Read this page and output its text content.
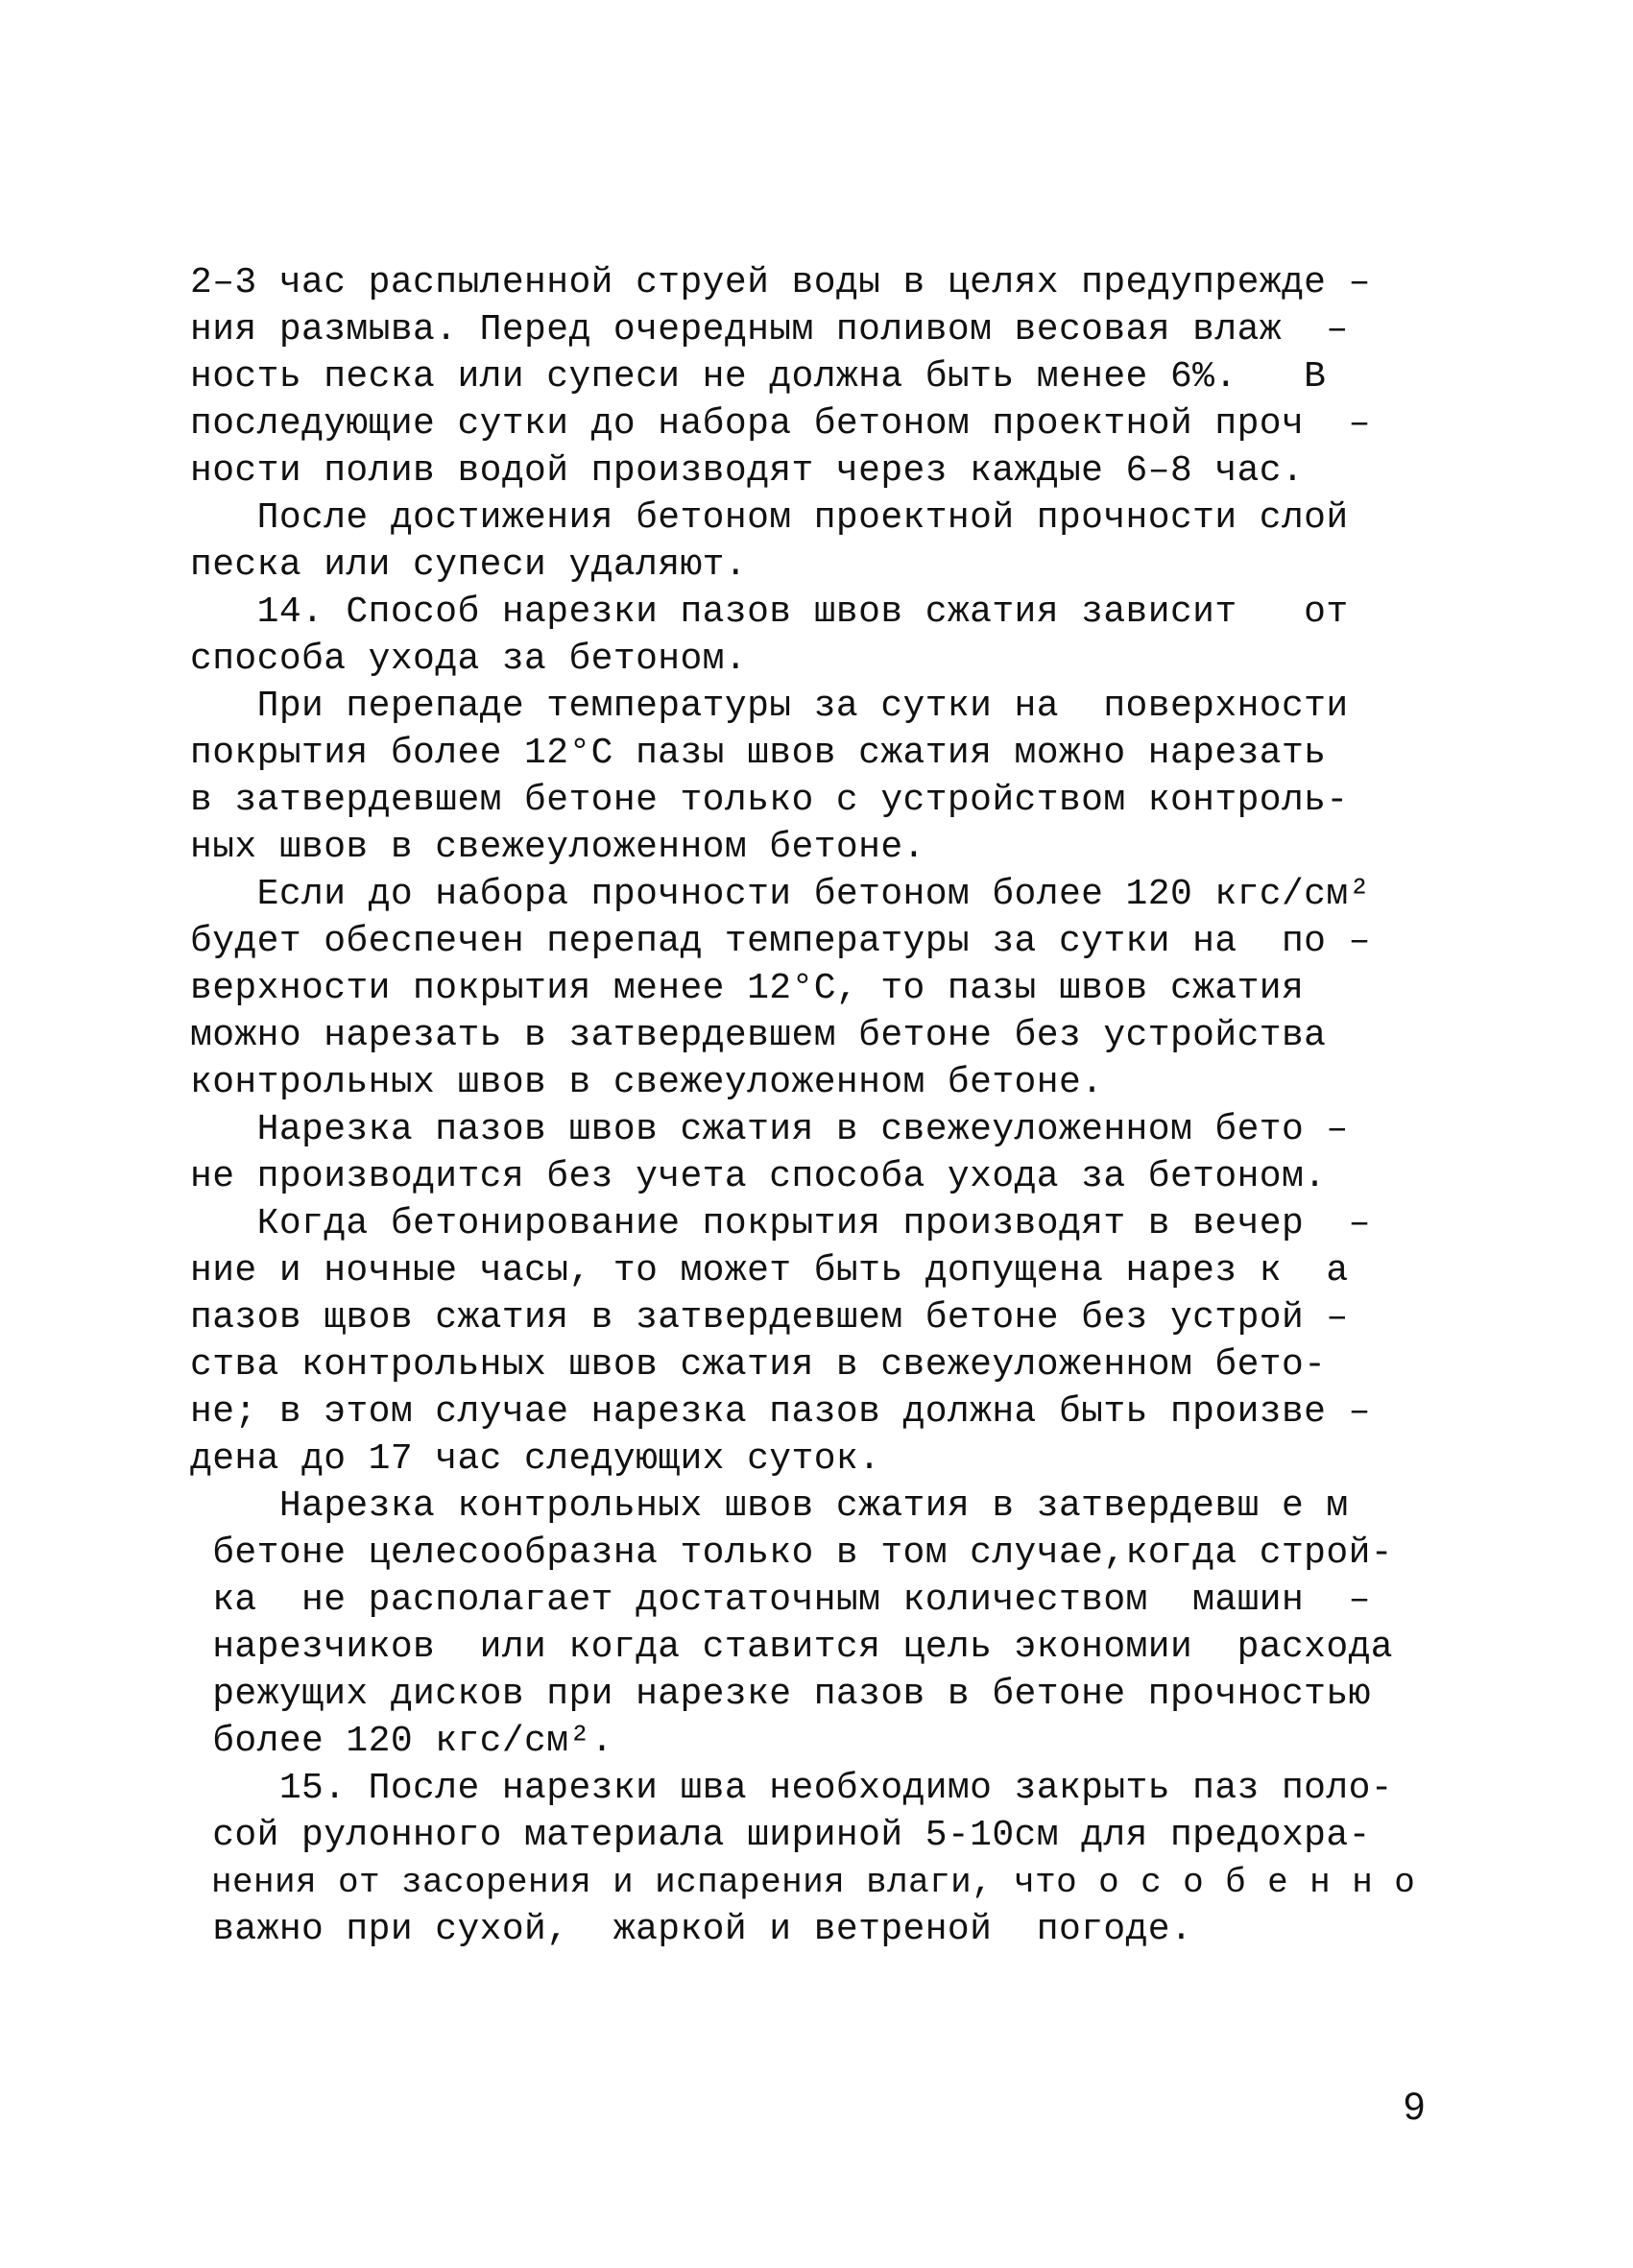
2–3 час распыленной струей воды в целях предупрежде –
ния размыва. Перед очередным поливом весовая влаж  –
ность песка или супеси не должна быть менее 6%.   В
последующие сутки до набора бетоном проектной проч  –
ности полив водой производят через каждые 6–8 час.
После достижения бетоном проектной прочности слой
песка или супеси удаляют.
14. Способ нарезки пазов швов сжатия зависит   от
способа ухода за бетоном.
При перепаде температуры за сутки на  поверхности
покрытия более 12°С пазы швов сжатия можно нарезать
в затвердевшем бетоне только с устройством контроль-
ных швов в свежеуложенном бетоне.
Если до набора прочности бетоном более 120 кгс/см²
будет обеспечен перепад температуры за сутки на  по –
верхности покрытия менее 12°С, то пазы швов сжатия
можно нарезать в затвердевшем бетоне без устройства
контрольных швов в свежеуложенном бетоне.
Нарезка пазов швов сжатия в свежеуложенном бето –
не производится без учета способа ухода за бетоном.
Когда бетонирование покрытия производят в вечер  –
ние и ночные часы, то может быть допущена нарез к  а
пазов щвов сжатия в затвердевшем бетоне без устрой –
ства контрольных швов сжатия в свежеуложенном бето-
не; в этом случае нарезка пазов должна быть произве –
дена до 17 час следующих суток.
Нарезка контрольных швов сжатия в затвердевш е м
бетоне целесообразна только в том случае,когда строй-
ка  не располагает достаточным количеством  машин  –
нарезчиков  или когда ставится цель экономии  расхода
режущих дисков при нарезке пазов в бетоне прочностью
более 120 кгс/см².
15. После нарезки шва необходимо закрыть паз поло-
сой рулонного материала шириной 5-10см для предохра-
нения от засорения и испарения влаги, что о с о б е н н о
важно при сухой,  жаркой и ветреной  погоде.
9
